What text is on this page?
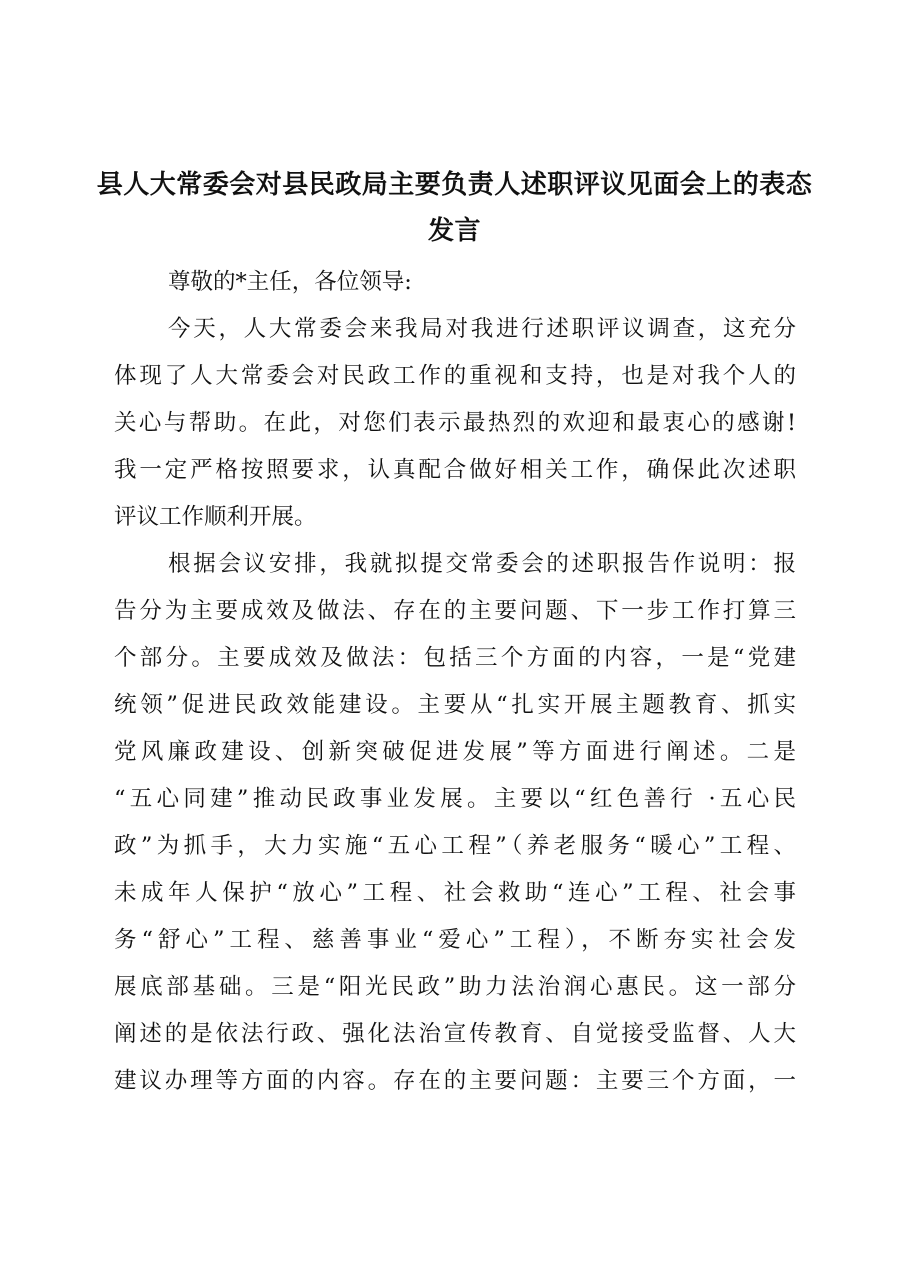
县人大常委会对县民政局主要负责人述职评议见面会上的表态
发言
尊敬的*主任，各位领导:
今天，人大常委会来我局对我进行述职评议调查，这充分
体现了人大常委会对民政工作的重视和支持，也是对我个人的
关心与帮助。在此，对您们表示最热烈的欢迎和最衷心的感谢!
我一定严格按照要求，认真配合做好相关工作，确保此次述职
评议工作顺利开展。
根据会议安排，我就拟提交常委会的述职报告作说明：报
告分为主要成效及做法、存在的主要问题、下一步工作打算三
个部分。主要成效及做法：包括三个方面的内容，一是“党建
统领”促进民政效能建设。主要从“扎实开展主题教育、抓实
党风廉政建设、创新突破促进发展”等方面进行阐述。二是
“五心同建”推动民政事业发展。主要以“红色善行 ·五心民
政”为抓手，大力实施“五心工程”（养老服务“暖心”工程、
未成年人保护“放心”工程、社会救助“连心”工程、社会事
务“舒心”工程、慈善事业“爱心”工程），不断夯实社会发
展底部基础。三是“阳光民政”助力法治润心惠民。这一部分
阐述的是依法行政、强化法治宣传教育、自觉接受监督、人大
建议办理等方面的内容。存在的主要问题：主要三个方面，一
